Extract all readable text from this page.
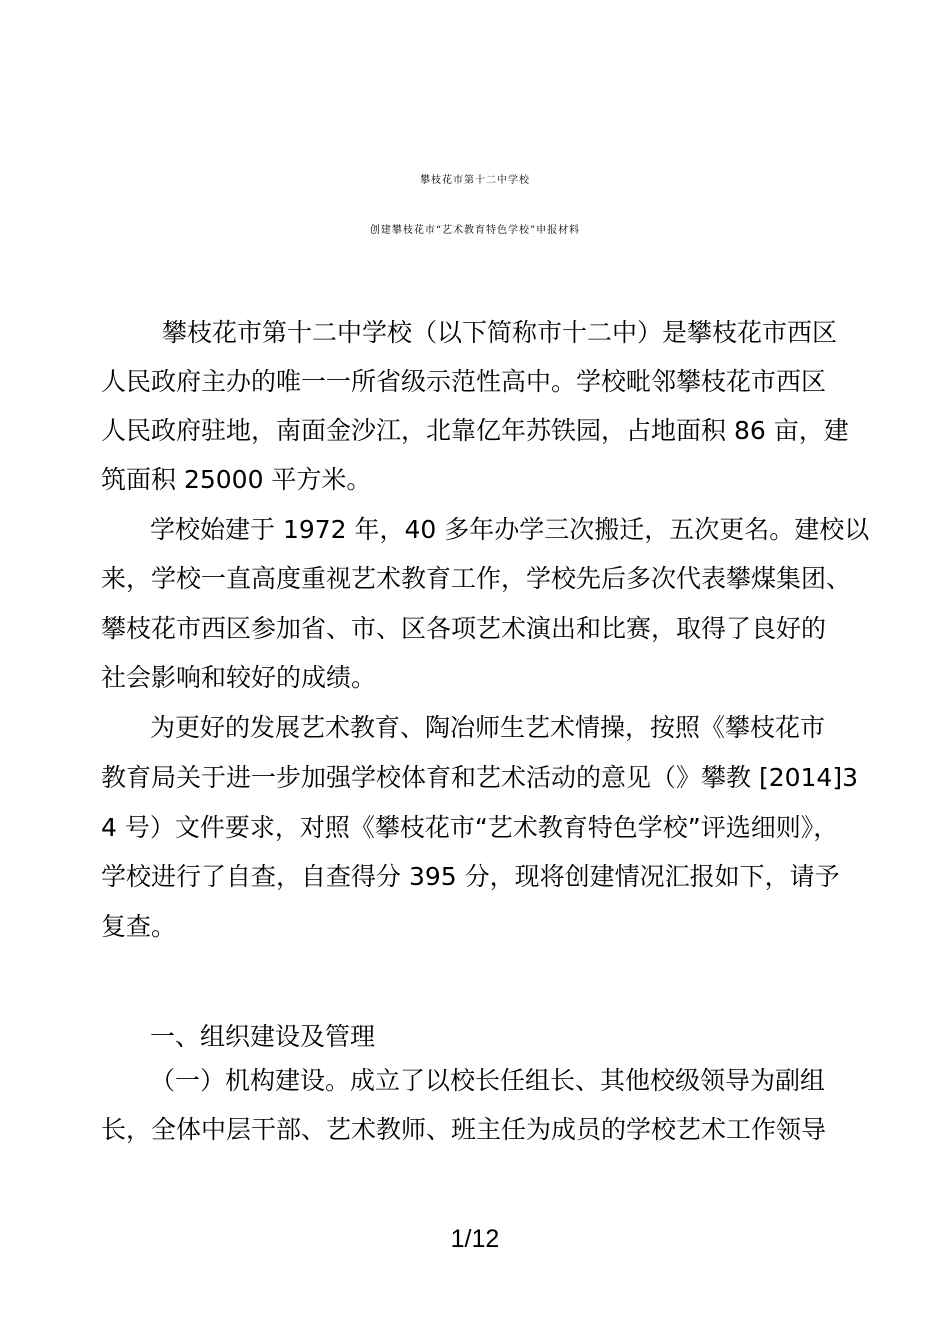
攀枝花市第十二中学校
创建攀枝花市“艺术教育特色学校”申报材料
攀枝花市第十二中学校（以下简称市十二中）是攀枝花市西区
人民政府主办的唯一一所省级示范性高中。学校毗邻攀枝花市西区
人民政府驻地，南面金沙江，北靠亿年苏铁园，占地面积 86 亩，建
筑面积 25000 平方米。
学校始建于 1972 年，40 多年办学三次搬迁，五次更名。建校以
来，学校一直高度重视艺术教育工作，学校先后多次代表攀煤集团、
攀枝花市西区参加省、市、区各项艺术演出和比赛，取得了良好的
社会影响和较好的成绩。
为更好的发展艺术教育、陶冶师生艺术情操，按照《攀枝花市
教育局关于进一步加强学校体育和艺术活动的意见（》攀教 [2014]3
4 号）文件要求，对照《攀枝花市“艺术教育特色学校”评选细则》，
学校进行了自查，自查得分 395 分，现将创建情况汇报如下，请予
复查。
一、组织建设及管理
（一）机构建设。成立了以校长任组长、其他校级领导为副组
长，全体中层干部、艺术教师、班主任为成员的学校艺术工作领导
1/12
